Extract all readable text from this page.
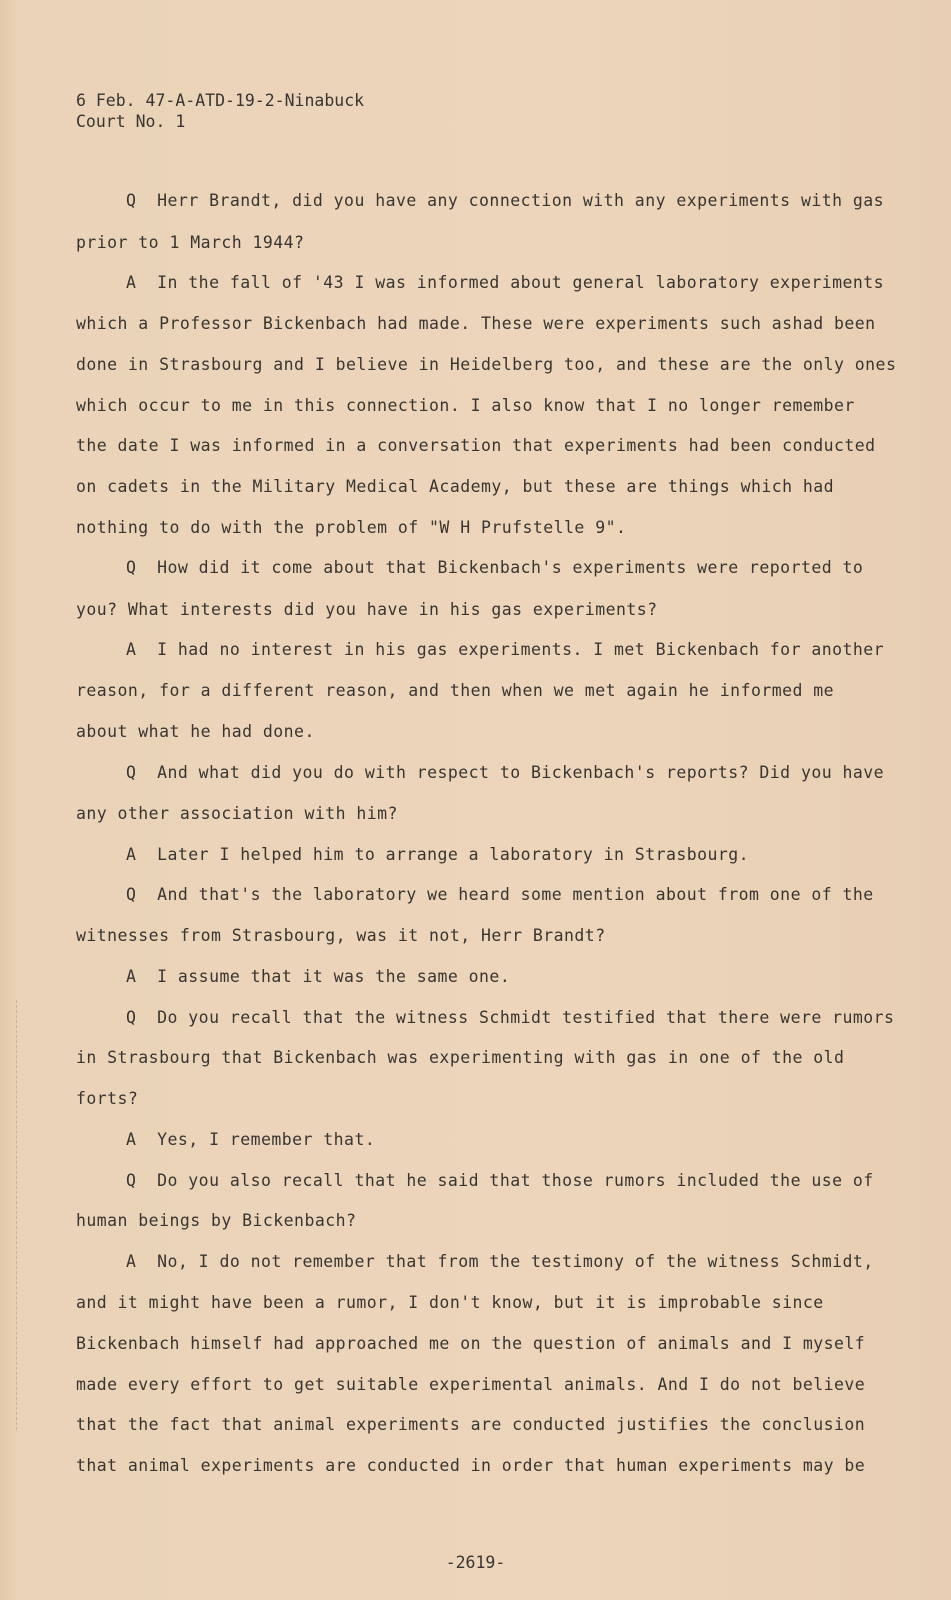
6 Feb. 47-A-ATD-19-2-Ninabuck
Court No. 1
Q  Herr Brandt, did you have any connection with any experiments with gas
prior to 1 March 1944?
A  In the fall of '43 I was informed about general laboratory experiments
which a Professor Bickenbach had made. These were experiments such ashad been
done in Strasbourg and I believe in Heidelberg too, and these are the only ones
which occur to me in this connection. I also know that I no longer remember
the date I was informed in a conversation that experiments had been conducted
on cadets in the Military Medical Academy, but these are things which had
nothing to do with the problem of "W H Prufstelle 9".
Q  How did it come about that Bickenbach's experiments were reported to
you? What interests did you have in his gas experiments?
A  I had no interest in his gas experiments. I met Bickenbach for another
reason, for a different reason, and then when we met again he informed me
about what he had done.
Q  And what did you do with respect to Bickenbach's reports? Did you have
any other association with him?
A  Later I helped him to arrange a laboratory in Strasbourg.
Q  And that's the laboratory we heard some mention about from one of the
witnesses from Strasbourg, was it not, Herr Brandt?
A  I assume that it was the same one.
Q  Do you recall that the witness Schmidt testified that there were rumors
in Strasbourg that Bickenbach was experimenting with gas in one of the old
forts?
A  Yes, I remember that.
Q  Do you also recall that he said that those rumors included the use of
human beings by Bickenbach?
A  No, I do not remember that from the testimony of the witness Schmidt,
and it might have been a rumor, I don't know, but it is improbable since
Bickenbach himself had approached me on the question of animals and I myself
made every effort to get suitable experimental animals. And I do not believe
that the fact that animal experiments are conducted justifies the conclusion
that animal experiments are conducted in order that human experiments may be
-2619-
